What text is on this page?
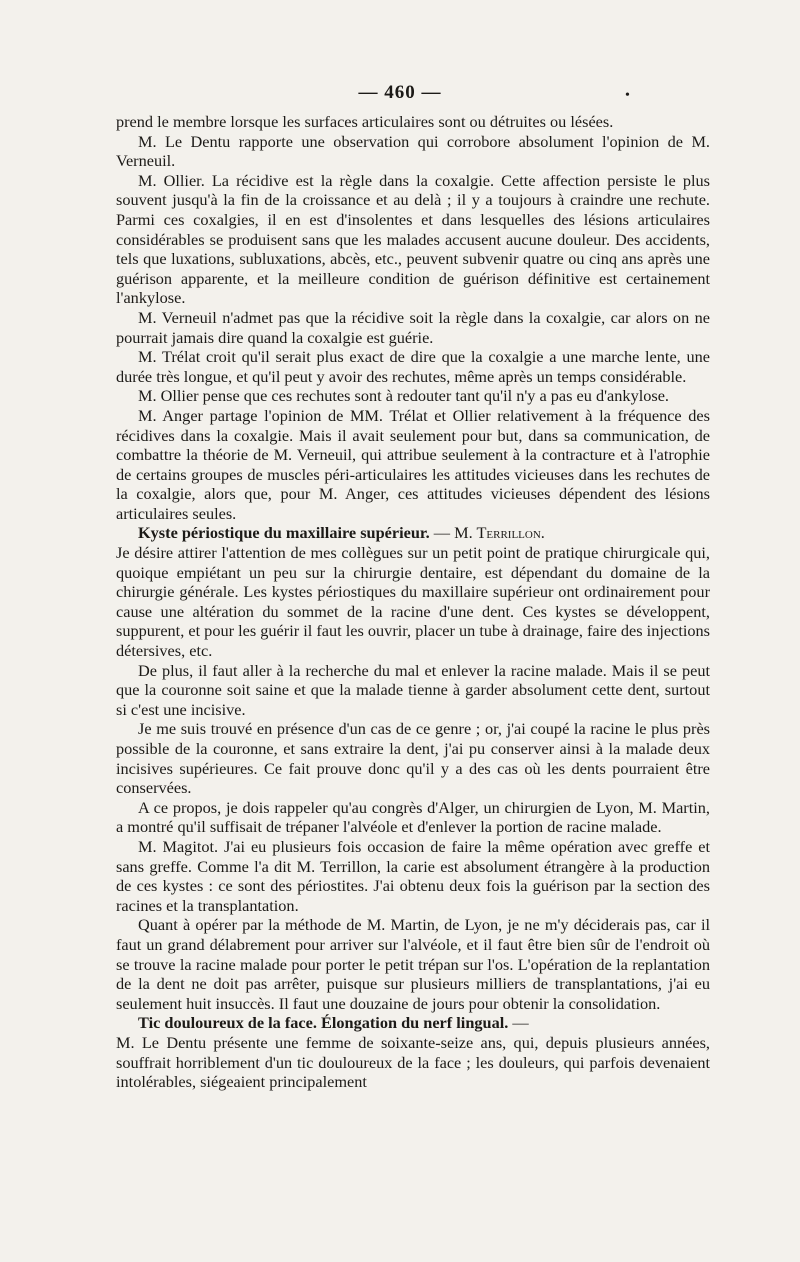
— 460 —	•

prend le membre lorsque les surfaces articulaires sont ou détruites ou lésées.

M. Le Dentu rapporte une observation qui corrobore absolument l'opinion de M. Verneuil.

M. Ollier. La récidive est la règle dans la coxalgie. Cette affection persiste le plus souvent jusqu'à la fin de la croissance et au delà ; il y a toujours à craindre une rechute. Parmi ces coxalgies, il en est d'insolentes et dans lesquelles des lésions articulaires considérables se produisent sans que les malades accusent aucune douleur. Des accidents, tels que luxations, subluxations, abcès, etc., peuvent subvenir quatre ou cinq ans après une guérison apparente, et la meilleure condition de guérison définitive est certainement l'ankylose.

M. Verneuil n'admet pas que la récidive soit la règle dans la coxalgie, car alors on ne pourrait jamais dire quand la coxalgie est guérie.

M. Trélat croit qu'il serait plus exact de dire que la coxalgie a une marche lente, une durée très longue, et qu'il peut y avoir des rechutes, même après un temps considérable.

M. Ollier pense que ces rechutes sont à redouter tant qu'il n'y a pas eu d'ankylose.

M. Anger partage l'opinion de MM. Trélat et Ollier relativement à la fréquence des récidives dans la coxalgie. Mais il avait seulement pour but, dans sa communication, de combattre la théorie de M. Verneuil, qui attribue seulement à la contracture et à l'atrophie de certains groupes de muscles péri-articulaires les attitudes vicieuses dans les rechutes de la coxalgie, alors que, pour M. Anger, ces attitudes vicieuses dépendent des lésions articulaires seules.

Kyste périostique du maxillaire supérieur. — M. Terrillon.

Je désire attirer l'attention de mes collègues sur un petit point de pratique chirurgicale qui, quoique empiétant un peu sur la chirurgie dentaire, est dépendant du domaine de la chirurgie générale. Les kystes périostiques du maxillaire supérieur ont ordinairement pour cause une altération du sommet de la racine d'une dent. Ces kystes se développent, suppurent, et pour les guérir il faut les ouvrir, placer un tube à drainage, faire des injections détersives, etc.

De plus, il faut aller à la recherche du mal et enlever la racine malade. Mais il se peut que la couronne soit saine et que la malade tienne à garder absolument cette dent, surtout si c'est une incisive.

Je me suis trouvé en présence d'un cas de ce genre ; or, j'ai coupé la racine le plus près possible de la couronne, et sans extraire la dent, j'ai pu conserver ainsi à la malade deux incisives supérieures. Ce fait prouve donc qu'il y a des cas où les dents pourraient être conservées.

A ce propos, je dois rappeler qu'au congrès d'Alger, un chirurgien de Lyon, M. Martin, a montré qu'il suffisait de trépaner l'alvéole et d'enlever la portion de racine malade.

M. Magitot. J'ai eu plusieurs fois occasion de faire la même opération avec greffe et sans greffe. Comme l'a dit M. Terrillon, la carie est absolument étrangère à la production de ces kystes : ce sont des périostites. J'ai obtenu deux fois la guérison par la section des racines et la transplantation.

Quant à opérer par la méthode de M. Martin, de Lyon, je ne m'y déciderais pas, car il faut un grand délabrement pour arriver sur l'alvéole, et il faut être bien sûr de l'endroit où se trouve la racine malade pour porter le petit trépan sur l'os. L'opération de la replantation de la dent ne doit pas arrêter, puisque sur plusieurs milliers de transplantations, j'ai eu seulement huit insuccès. Il faut une douzaine de jours pour obtenir la consolidation.

Tic douloureux de la face. Élongation du nerf lingual. —

M. Le Dentu présente une femme de soixante-seize ans, qui, depuis plusieurs années, souffrait horriblement d'un tic douloureux de la face ; les douleurs, qui parfois devenaient intolérables, siégeaient principalement
